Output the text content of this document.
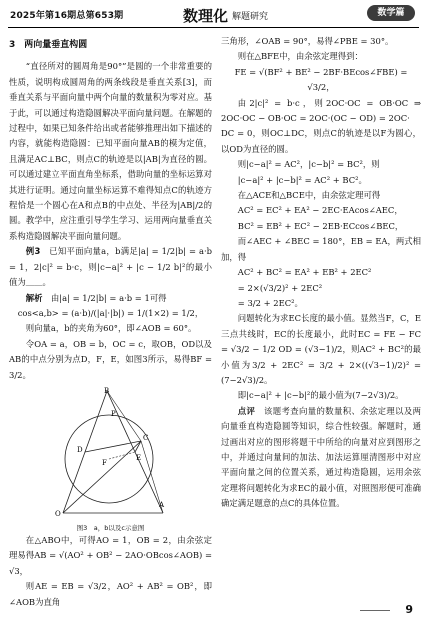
2025年第16期总第653期	数理化 解题研究	数学篇

3　两向量垂直构圆

“直径所对的圆周角是90°”是圆的一个非常重要的性质，说明构成圆周角的两条线段是垂直关系[3]，而垂直关系与平面向量中两个向量的数量积为零对应。基于此，可以通过构造隐圆解决平面向量问题。在解题的过程中，如果已知条件给出或者能够推理出如下描述的内容，就能构造隐圆：已知平面向量AB的模为定值，且满足AC⊥BC，则点C的轨迹是以|AB|为直径的圆。可以通过建立平面直角坐标系，借助向量的坐标运算对其进行证明。通过向量坐标运算不难得知点C的轨迹方程恰是一个圆心在A和点B的中点处、半径为|AB|/2的圆。教学中，应注重引导学生学习、运用两向量垂直关系构造隐圆解决平面向量问题。

例3　 已知平面向量a，b满足|a| = 1/2|b| = a·b = 1，2|c|² = b·c，则|c−a|² + |c − 1/2 b|²的最小值为＿＿。

解析　 由|a| = 1/2|b| = a·b = 1可得

cos<a,b> = (a·b)/(|a|·|b|) = 1/(1×2) = 1/2，

则向量a，b的夹角为60°，即∠AOB = 60°。

令OA = a，OB = b，OC = c，取OB，OD以及AB的中点分别为点D，F，E，如图3所示，易得BF = 3/2。

O
A
B
C
D
E
F
P
图3　a，b以及c示意图

在△ABO中，可得AO = 1，OB = 2，由余弦定理易得AB = √(AO² + OB² − 2AO·OBcos∠AOB) = √3，

则AE = EB = √3/2，AO² + AB² = OB²，即∠AOB为直角

三角形，∠OAB = 90°，易得∠PBE = 30°。

则在△BFE中，由余弦定理得到：

FE = √(BF² + BE² − 2BF·BEcos∠FBE) = √3/2，

由2|c|² = b·c，则2OC·OC = OB·OC ⇒ 2OC·OC − OB·OC = 2OC·(OC − OD) = 2OC·

DC = 0，则OC⊥DC，则点C的轨迹是以F为圆心，以OD为直径的圆。

则|c−a|² = AC²，|c−b|² = BC²，则

|c−a|² + |c−b|² = AC² + BC²。

在△ACE和△BCE中，由余弦定理可得

AC² = EC² + EA² − 2EC·EAcos∠AEC，

BC² = EB² + EC² − 2EB·ECcos∠BEC，

而∠AEC + ∠BEC = 180°，EB = EA，两式相加，得

AC² + BC² = EA² + EB² + 2EC²

= 2×(√3/2)² + 2EC²

= 3/2 + 2EC²。

问题转化为求EC长度的最小值。显然当F，C，E三点共线时，EC的长度最小，此时EC = FE − FC = √3/2 − 1/2 OD = (√3−1)/2，则AC² + BC²的最小值为3/2 + 2EC² = 3/2 + 2×((√3−1)/2)² = (7−2√3)/2。

即|c−a|² + |c−b|²的最小值为(7−2√3)/2。

点评　 该题考查向量的数量积、余弦定理以及两向量垂直构造隐圆等知识，综合性较强。解题时，通过画出对应的图形将题干中所给的向量对应到图形之中，并通过向量间的加法、加法运算厘清图形中对应平面向量之间的位置关系，通过构造隐圆，运用余弦定理将问题转化为求EC的最小值，对照图形便可准确确定满足题意的点C的具体位置。

9
